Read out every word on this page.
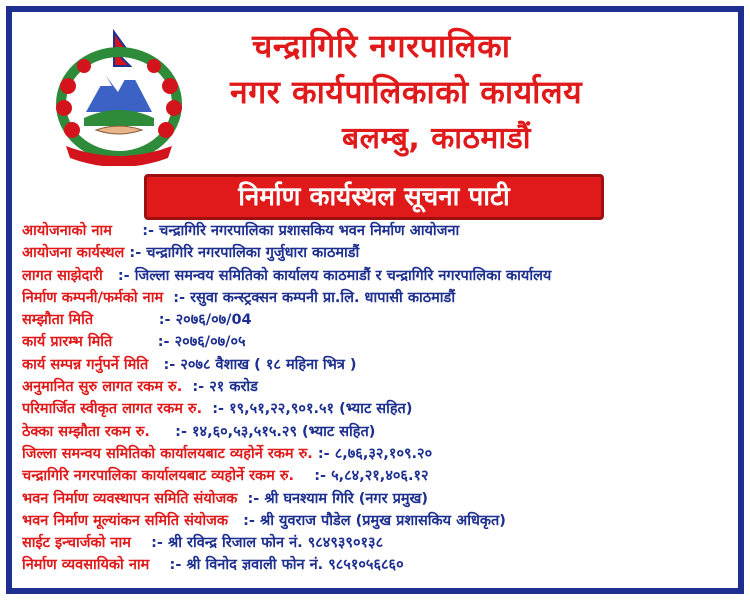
चन्द्रागिरि नगरपालिका
नगर कार्यपालिकाको कार्यालय
बलम्बु, काठमाडौं
निर्माण कार्यस्थल सूचना पाटी
आयोजनाको नाम      :- चन्द्रागिरि नगरपालिका प्रशासकिय भवन निर्माण आयोजना
आयोजना कार्यस्थल :- चन्द्रागिरि नगरपालिका गुर्जुधारा काठमाडौं
लागत साझेदारी   :- जिल्ला समन्वय समितिको कार्यालय काठमाडौं र चन्द्रागिरि नगरपालिका कार्यालय
निर्माण कम्पनी/फर्मको नाम  :- रसुवा कन्स्ट्रक्सन कम्पनी प्रा.लि. धापासी काठमाडौं
सम्झौता मिति             :- २०७६/०७/04
कार्य प्रारम्भ मिति         :- २०७६/०७/०५
कार्य सम्पन्न गर्नुपर्ने मिति   :- २०७८ वैशाख ( १८ महिना भित्र )
अनुमानित सुरु लागत रकम रु.  :- २१ करोड
परिमार्जित स्वीकृत लागत रकम रु.  :- १९,५१,२२,९०१.५१ (भ्याट सहित)
ठेक्का सम्झौता रकम रु.     :- १४,६०,५३,५१५.२९ (भ्याट सहित)
जिल्ला समन्वय समितिको कार्यालयबाट व्यहोर्ने रकम रु. :- ८,७६,३२,१०९.२०
चन्द्रागिरि नगरपालिका कार्यालयबाट व्यहोर्ने रकम रु.    :- ५,८४,२१,४०६.१२
भवन निर्माण व्यवस्थापन समिति संयोजक  :- श्री घनश्याम गिरि (नगर प्रमुख)
भवन निर्माण मूल्यांकन समिति संयोजक   :- श्री युवराज पौडेल (प्रमुख प्रशासकिय अधिकृत)
साईट इन्चार्जको नाम    :- श्री रविन्द्र रिजाल फोन नं. ९८४९३९०१३८
निर्माण व्यवसायिको नाम    :- श्री विनोद ज्ञवाली फोन नं. ९८५१०५६८६०
